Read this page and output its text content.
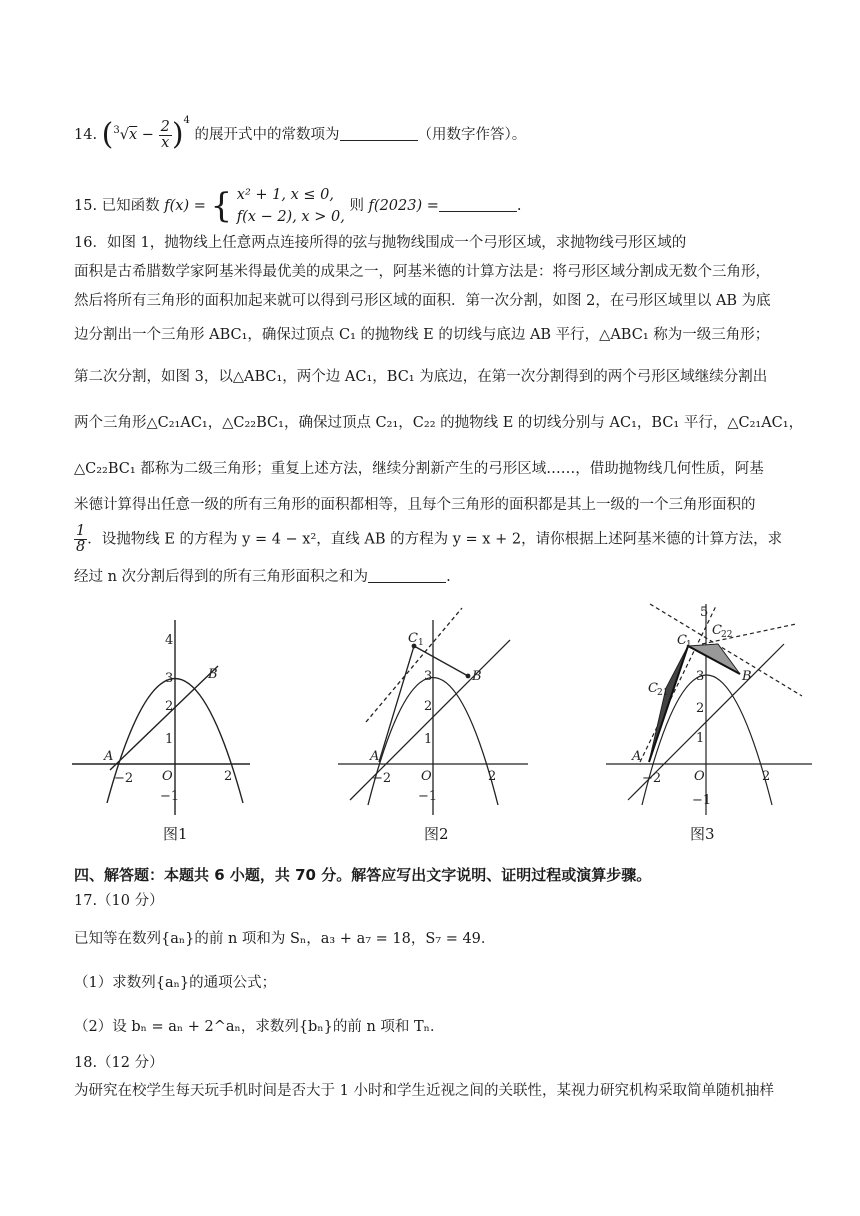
14. $(^3√x - \frac{2}{x} )^4$ 的展开式中的常数项为	（用数字作答）。
15. 已知函数 f(x) = { x² + 1, x ≤ 0,
f(x − 2), x > 0,
则 f(2023) =	.
16．如图 1，抛物线上任意两点连接所得的弦与抛物线围成一个弓形区域，求抛物线弓形区域的
面积是古希腊数学家阿基米得最优美的成果之一，阿基米德的计算方法是：将弓形区域分割成无数个三角形，
然后将所有三角形的面积加起来就可以得到弓形区域的面积．第一次分割，如图 2，在弓形区域里以 AB 为底
边分割出一个三角形 ABC₁，确保过顶点 C₁ 的抛物线 E 的切线与底边 AB 平行，△ABC₁ 称为一级三角形；
第二次分割，如图 3，以△ABC₁，两个边 AC₁，BC₁ 为底边，在第一次分割得到的两个弓形区域继续分割出
两个三角形△C₂₁AC₁，△C₂₂BC₁，确保过顶点 C₂₁，C₂₂ 的抛物线 E 的切线分别与 AC₁，BC₁ 平行，△C₂₁AC₁，
△C₂₂BC₁ 都称为二级三角形；重复上述方法，继续分割新产生的弓形区域……，借助抛物线几何性质，阿基
米德计算得出任意一级的所有三角形的面积都相等，且每个三角形的面积都是其上一级的一个三角形面积的
$\frac{1}{8}$ ．设抛物线 E 的方程为 y = 4 − x²，直线 AB 的方程为 y = x + 2，请你根据上述阿基米德的计算方法，求
经过 n 次分割后得到的所有三角形面积之和为	.
A
B
O
−2	2
4
3
2
1
−1
图1
A
B
C 1
O
−2	2
3
2
1
−1
图2
A
B
C 1
C 22
C 21
O
−2	2
5
3
2
1
−1
图3
四、解答题：本题共 6 小题，共 70 分。解答应写出文字说明、证明过程或演算步骤。
17.（10 分）
已知等在数列{aₙ}的前 n 项和为 Sₙ，a₃ + a₇ = 18，S₇ = 49．
（1）求数列{aₙ}的通项公式；
（2）设 bₙ = aₙ + 2^aₙ，求数列{bₙ}的前 n 项和 Tₙ．
18.（12 分）
为研究在校学生每天玩手机时间是否大于 1 小时和学生近视之间的关联性，某视力研究机构采取简单随机抽样
